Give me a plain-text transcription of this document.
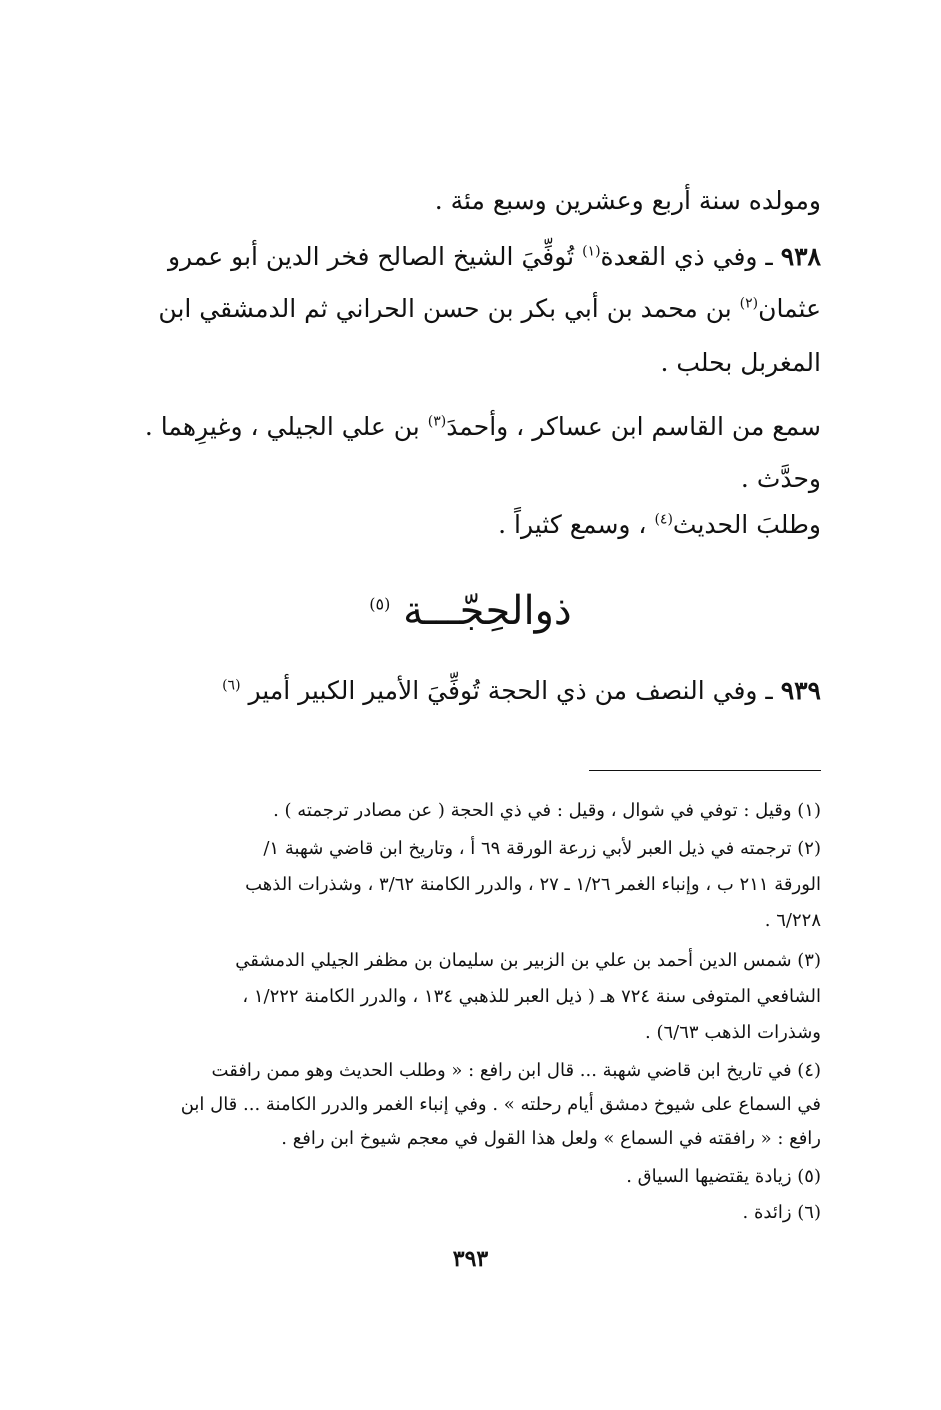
ومولده سنة أربع وعشرين وسبع مئة .
٩٣٨ ـ وفي ذي القعدة$^{(١)}$ تُوفِّيَ الشيخ الصالح فخر الدين أبو عمرو
عثمان$^{(٢)}$ بن محمد بن أبي بكر بن حسن الحراني ثم الدمشقي ابن
المغربل بحلب .
سمع من القاسم ابن عساكر ، وأحمدَ$^{(٣)}$ بن علي الجيلي ، وغيرِهما .
وحدَّث .
وطلبَ الحديث$^{(٤)}$ ، وسمع كثيراً .
ذوالحِجّـــة $^{(٥)}$
٩٣٩ ـ وفي النصف من ذي الحجة تُوفِّيَ الأمير الكبير أمير $^{(٦)}$
(١) وقيل : توفي في شوال ، وقيل : في ذي الحجة ( عن مصادر ترجمته ) .
(٢) ترجمته في ذيل العبر لأبي زرعة الورقة ٦٩ أ ، وتاريخ ابن قاضي شهبة ١/
الورقة ٢١١ ب ، وإنباء الغمر ١/٢٦ ـ ٢٧ ، والدرر الكامنة ٣/٦٢ ، وشذرات الذهب
٦/٢٢٨ .
(٣) شمس الدين أحمد بن علي بن الزبير بن سليمان بن مظفر الجيلي الدمشقي
الشافعي المتوفى سنة ٧٢٤ هـ ( ذيل العبر للذهبي ١٣٤ ، والدرر الكامنة ١/٢٢٢ ،
وشذرات الذهب ٦/٦٣) .
(٤) في تاريخ ابن قاضي شهبة ... قال ابن رافع : « وطلب الحديث وهو ممن رافقت
في السماع على شيوخ دمشق أيام رحلته » . وفي إنباء الغمر والدرر الكامنة ... قال ابن
رافع : « رافقته في السماع » ولعل هذا القول في معجم شيوخ ابن رافع .
(٥) زيادة يقتضيها السياق .
(٦) زائدة .
٣٩٣
